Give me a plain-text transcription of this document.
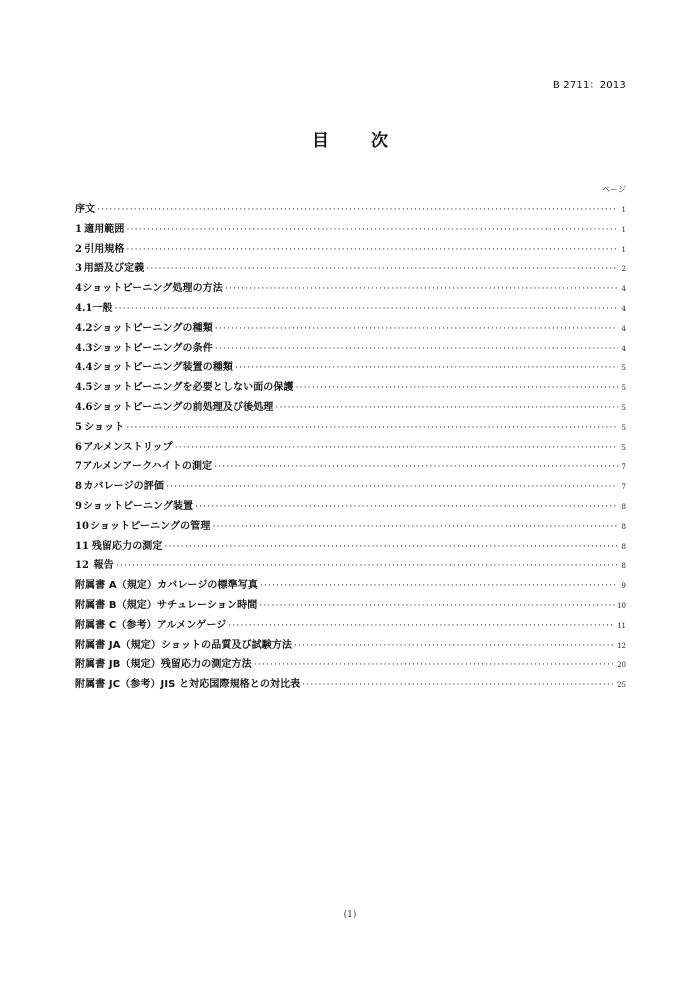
B 2711：2013
目 次
ページ
序文 ·····	1
1 適用範囲 ·····	1
2 引用規格 ·····	1
3 用語及び定義 ·····	2
4 ショットピーニング処理の方法 ·····	4
4.1 一般 ·····	4
4.2 ショットピーニングの種類 ·····	4
4.3 ショットピーニングの条件 ·····	4
4.4 ショットピーニング装置の種類 ·····	5
4.5 ショットピーニングを必要としない面の保護 ·····	5
4.6 ショットピーニングの前処理及び後処理 ·····	5
5 ショット ·····	5
6 アルメンストリップ ·····	5
7 アルメンアークハイトの測定 ·····	7
8 カバレージの評価 ·····	7
9 ショットピーニング装置 ·····	8
10 ショットピーニングの管理 ·····	8
11 残留応力の測定 ·····	8
12 報告 ·····	8
附属書 A（規定）カバレージの標準写真 ·····	9
附属書 B（規定）サチュレーション時間 ·····	10
附属書 C（参考）アルメンゲージ ·····	11
附属書 JA（規定）ショットの品質及び試験方法 ·····	12
附属書 JB（規定）残留応力の測定方法 ·····	20
附属書 JC（参考）JIS と対応国際規格との対比表 ·····	25
(1)
